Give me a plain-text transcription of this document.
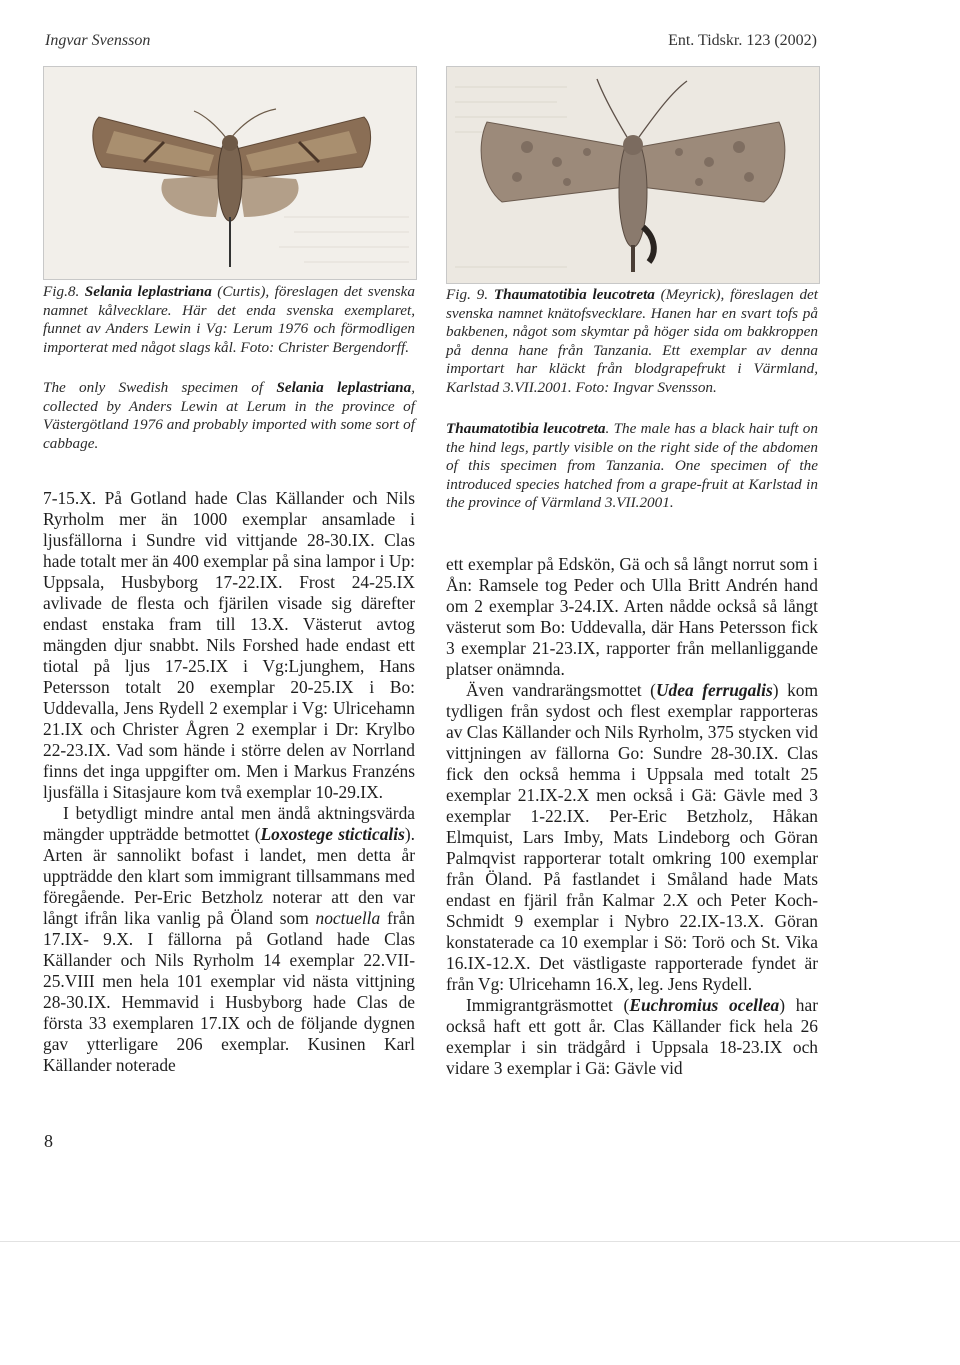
Ingvar Svensson	Ent. Tidskr. 123 (2002)
Fig.8. Selania leplastriana (Curtis), föreslagen det svenska namnet kålvecklare. Här det enda svenska exemplaret, funnet av Anders Lewin i Vg: Lerum 1976 och förmodligen importerat med något slags kål. Foto: Christer Bergendorff.
The only Swedish specimen of Selania leplastriana, collected by Anders Lewin at Lerum in the province of Västergötland 1976 and probably imported with some sort of cabbage.
Fig. 9. Thaumatotibia leucotreta (Meyrick), föreslagen det svenska namnet knätofsvecklare. Hanen har en svart tofs på bakbenen, något som skymtar på höger sida om bakkroppen på denna hane från Tanzania. Ett exemplar av denna importart har kläckt från blodgrapefrukt i Värmland, Karlstad 3.VII.2001. Foto: Ingvar Svensson.
Thaumatotibia leucotreta. The male has a black hair tuft on the hind legs, partly visible on the right side of the abdomen of this specimen from Tanzania. One specimen of the introduced species hatched from a grape-fruit at Karlstad in the province of Värmland 3.VII.2001.

7-15.X. På Gotland hade Clas Källander och Nils Ryrholm mer än 1000 exemplar ansamlade i ljusfällorna i Sundre vid vittjande 28-30.IX. Clas hade totalt mer än 400 exemplar på sina lampor i Up: Uppsala, Husbyborg 17-22.IX. Frost 24-25.IX avlivade de flesta och fjärilen visade sig därefter endast enstaka fram till 13.X. Västerut avtog mängden djur snabbt. Nils Forshed hade endast ett tiotal på ljus 17-25.IX i Vg:Ljunghem, Hans Petersson totalt 20 exemplar 20-25.IX i Bo: Uddevalla, Jens Rydell 2 exemplar i Vg: Ulricehamn 21.IX och Christer Ågren 2 exemplar i Dr: Krylbo 22-23.IX. Vad som hände i större delen av Norrland finns det inga uppgifter om. Men i Markus Franzéns ljusfälla i Sitasjaure kom två exemplar 10-29.IX.

I betydligt mindre antal men ändå aktningsvärda mängder uppträdde betmottet (Loxostege sticticalis). Arten är sannolikt bofast i landet, men detta år uppträdde den klart som immigrant tillsammans med föregående. Per-Eric Betzholz noterar att den var långt ifrån lika vanlig på Öland som noctuella från 17.IX- 9.X. I fällorna på Gotland hade Clas Källander och Nils Ryrholm 14 exemplar 22.VII-25.VIII men hela 101 exemplar vid nästa vittjning 28-30.IX. Hemmavid i Husbyborg hade Clas de första 33 exemplaren 17.IX och de följande dygnen gav ytterligare 206 exemplar. Kusinen Karl Källander noterade

ett exemplar på Edskön, Gä och så långt norrut som i Ån: Ramsele tog Peder och Ulla Britt Andrén hand om 2 exemplar 3-24.IX. Arten nådde också så långt västerut som Bo: Uddevalla, där Hans Petersson fick 3 exemplar 21-23.IX, rapporter från mellanliggande platser onämnda.

Även vandrarängsmottet (Udea ferrugalis) kom tydligen från sydost och flest exemplar rapporteras av Clas Källander och Nils Ryrholm, 375 stycken vid vittjningen av fällorna Go: Sundre 28-30.IX. Clas fick den också hemma i Uppsala med totalt 25 exemplar 21.IX-2.X men också i Gä: Gävle med 3 exemplar 1-22.IX. Per-Eric Betzholz, Håkan Elmquist, Lars Imby, Mats Lindeborg och Göran Palmqvist rapporterar totalt omkring 100 exemplar från Öland. På fastlandet i Småland hade Mats endast en fjäril från Kalmar 2.X och Peter Koch-Schmidt 9 exemplar i Nybro 22.IX-13.X. Göran konstaterade ca 10 exemplar i Sö: Torö och St. Vika 16.IX-12.X. Det västligaste rapporterade fyndet är från Vg: Ulricehamn 16.X, leg. Jens Rydell.

Immigrantgräsmottet (Euchromius ocellea) har också haft ett gott år. Clas Källander fick hela 26 exemplar i sin trädgård i Uppsala 18-23.IX och vidare 3 exemplar i Gä: Gävle vid

8
